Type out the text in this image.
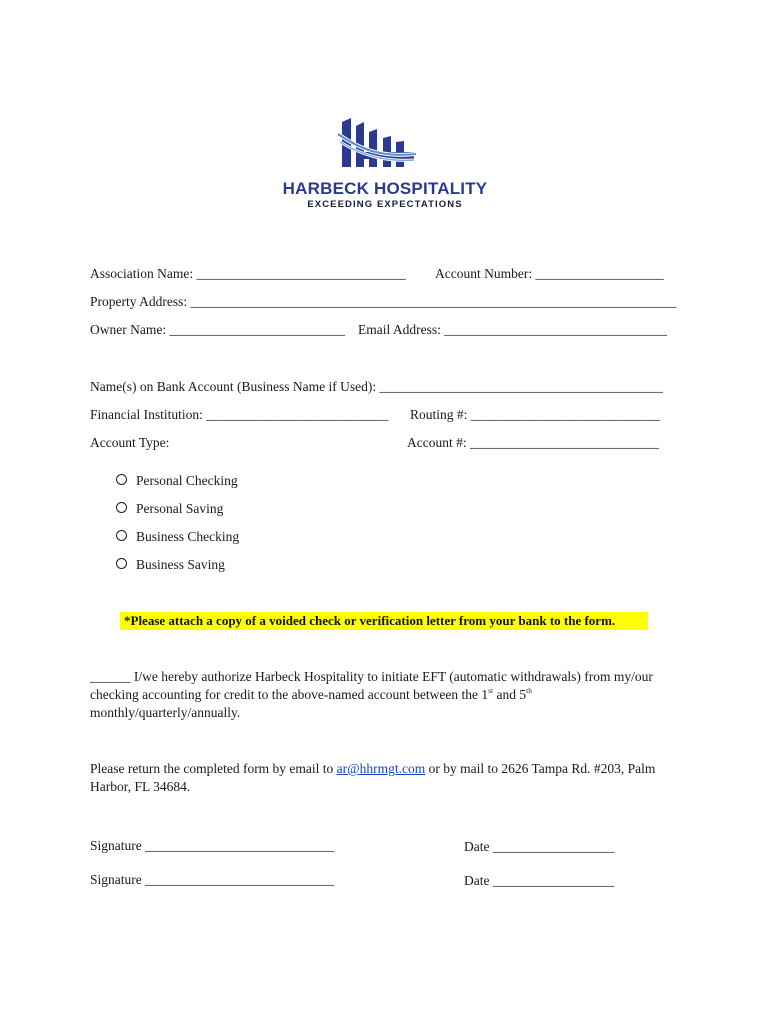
HARBECK HOSPITALITY
EXCEEDING EXPECTATIONS
Association Name: _______________________________ Account Number: ___________________
Property Address: ________________________________________________________________________
Owner Name: __________________________ Email Address: _________________________________
Name(s) on Bank Account (Business Name if Used): __________________________________________
Financial Institution: ___________________________ Routing #: ____________________________
Account Type:	Account #: ____________________________
Personal Checking
Personal Saving
Business Checking
Business Saving
*Please attach a copy of a voided check or verification letter from your bank to the form.
______ I/we hereby authorize Harbeck Hospitality to initiate EFT (automatic withdrawals) from my/our
checking accounting for credit to the above-named account between the 1st and 5th
monthly/quarterly/annually.
Please return the completed form by email to ar@hhrmgt.com or by mail to 2626 Tampa Rd. #203, Palm
Harbor, FL 34684.
Signature ____________________________	Date __________________
Signature ____________________________	Date __________________
